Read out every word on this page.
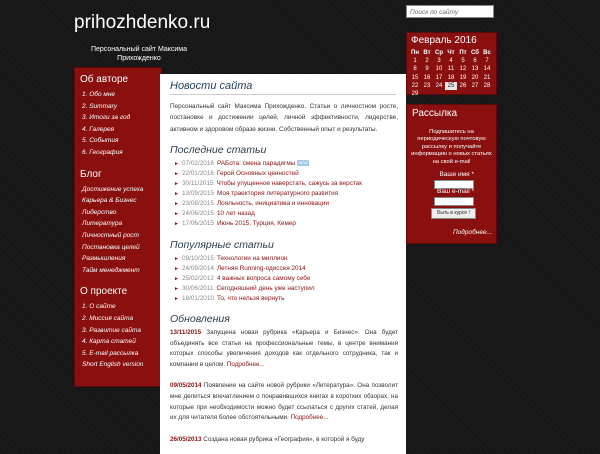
prihozhdenko.ru
Персональный сайт Максима Прихожденко
Об авторе
1. Обо мне
2. Summary
3. Итоги за год
4. Галерея
5. События
6. География
Блог
Достижение успеха
Карьера & Бизнес
Лидерство
Литература
Личностный рост
Постановка целей
Размышления
Тайм менеджмент
О проекте
1. О сайте
2. Миссия сайта
3. Развитие сайта
4. Карта статей
5. E-mail рассылка
Short English version
Новости сайта
Персональный сайт Максима Прихожденко. Статьи о личностном росте, постановке и достижении целей, личной эффективности, лидерстве, активном и здоровом образе жизни. Собственный опыт и результаты.
Последние статьи
► 07/02/2016 РАБота: смена парадигмы NEW
► 22/01/2016 Герой Основных ценностей
► 30/11/2015 Чтобы упущенное наверстать, сажусь за верстак
► 13/09/2015 Моя траектория литературного развития
► 23/08/2015 Лояльность, инициатива и инновации
► 24/06/2015 10 лет назад
► 17/06/2015 Июнь 2015. Турция, Кемер
Популярные статьи
► 09/10/2015 Технологии на миллион
► 24/09/2014 Летняя Running-одиссея 2014
► 25/02/2012 4 важных вопроса самому себе
► 30/06/2011 Сегодняшний день уже наступил
► 18/01/2010 То, что нельзя вернуть
Обновления
13/11/2015 Запущена новая рубрика «Карьера и Бизнес». Она будет объединять все статьи на профессиональные темы, в центре внимания которых способы увеличения доходов как отдельного сотрудника, так и компании в целом. Подробнее...
09/05/2014 Появление на сайте новой рубрики «Литература». Она позволит мне делиться впечатлением о понравившихся книгах в коротких обзорах, на которые при необходимости можно будет ссылаться с других статей, делая их для читателя более обстоятельными. Подробнее...
26/05/2013 Создана новая рубрика «География», в которой я буду
Поиск по сайту
Февраль 2016
Пн Вт Ср Чт Пт Сб Вс
1	2	3	4	5	6	7
8	9	10 11 12 13 14
15 16 17 18 19 20 21
22 23 24 25 26 27 28
29
Рассылка
Подпишитесь на периодическую почтовую рассылку и получайте информацию о новых статьях на свой e-mail
Ваше имя *
Ваш e-mail *
Быть в курсе !
Подробнее...
